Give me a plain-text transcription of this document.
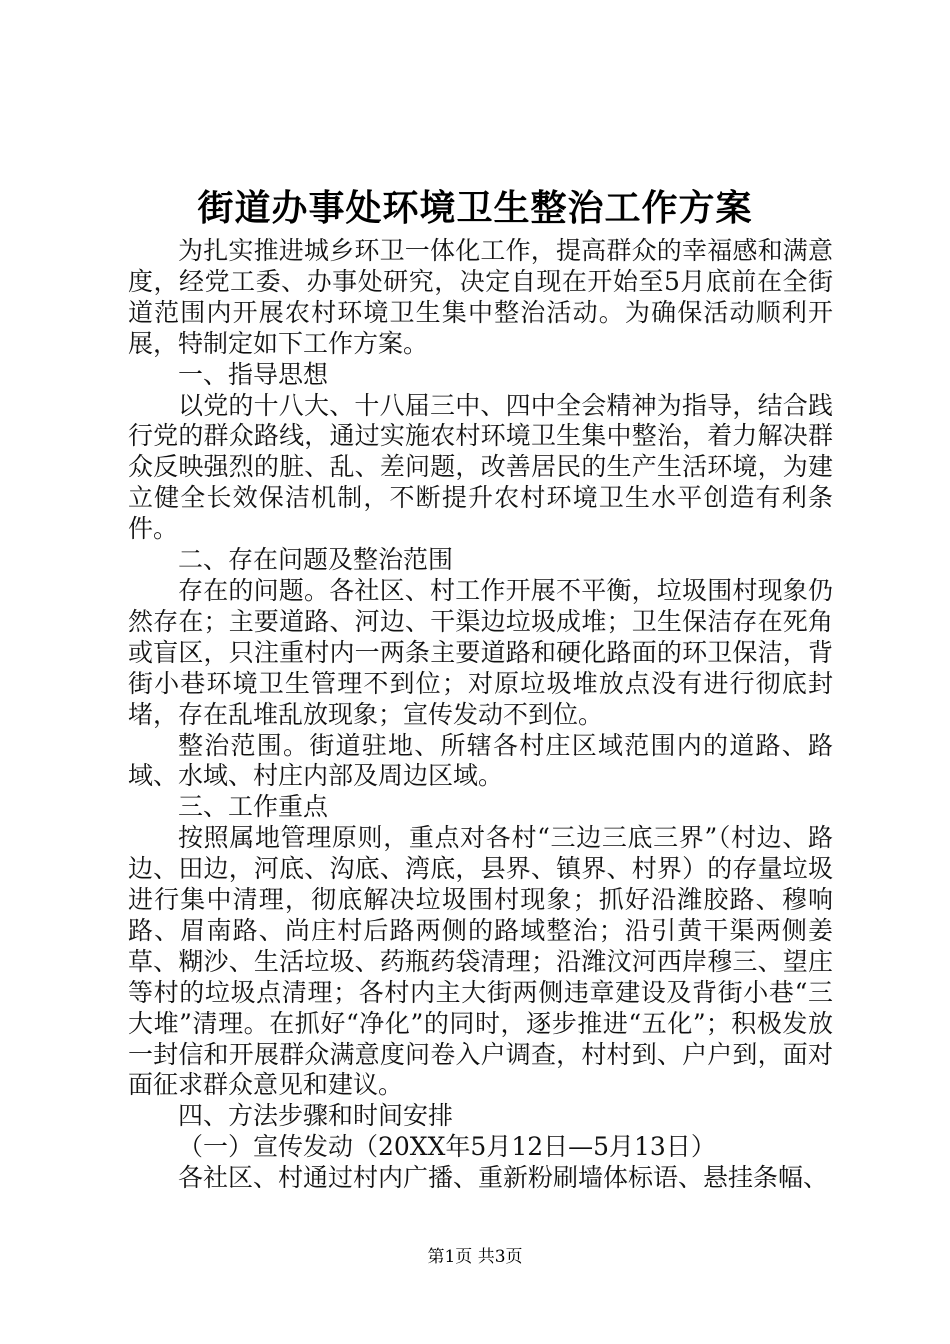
街道办事处环境卫生整治工作方案

为扎实推进城乡环卫一体化工作，提高群众的幸福感和满意度，经党工委、办事处研究，决定自现在开始至5月底前在全街道范围内开展农村环境卫生集中整治活动。为确保活动顺利开展，特制定如下工作方案。

一、指导思想

以党的十八大、十八届三中、四中全会精神为指导，结合践行党的群众路线，通过实施农村环境卫生集中整治，着力解决群众反映强烈的脏、乱、差问题，改善居民的生产生活环境，为建立健全长效保洁机制，不断提升农村环境卫生水平创造有利条件。

二、存在问题及整治范围

存在的问题。各社区、村工作开展不平衡，垃圾围村现象仍然存在；主要道路、河边、干渠边垃圾成堆；卫生保洁存在死角或盲区，只注重村内一两条主要道路和硬化路面的环卫保洁，背街小巷环境卫生管理不到位；对原垃圾堆放点没有进行彻底封堵，存在乱堆乱放现象；宣传发动不到位。

整治范围。街道驻地、所辖各村庄区域范围内的道路、路域、水域、村庄内部及周边区域。

三、工作重点

按照属地管理原则，重点对各村“三边三底三界”（村边、路边、田边，河底、沟底、湾底，县界、镇界、村界）的存量垃圾进行集中清理，彻底解决垃圾围村现象；抓好沿潍胶路、穆响路、眉南路、尚庄村后路两侧的路域整治；沿引黄干渠两侧姜草、糊沙、生活垃圾、药瓶药袋清理；沿潍汶河西岸穆三、望庄等村的垃圾点清理；各村内主大街两侧违章建设及背街小巷“三大堆”清理。在抓好“净化”的同时，逐步推进“五化”；积极发放一封信和开展群众满意度问卷入户调查，村村到、户户到，面对面征求群众意见和建议。

四、方法步骤和时间安排

（一）宣传发动（20XX年5月12日—5月13日）

各社区、村通过村内广播、重新粉刷墙体标语、悬挂条幅、

第1页 共3页
